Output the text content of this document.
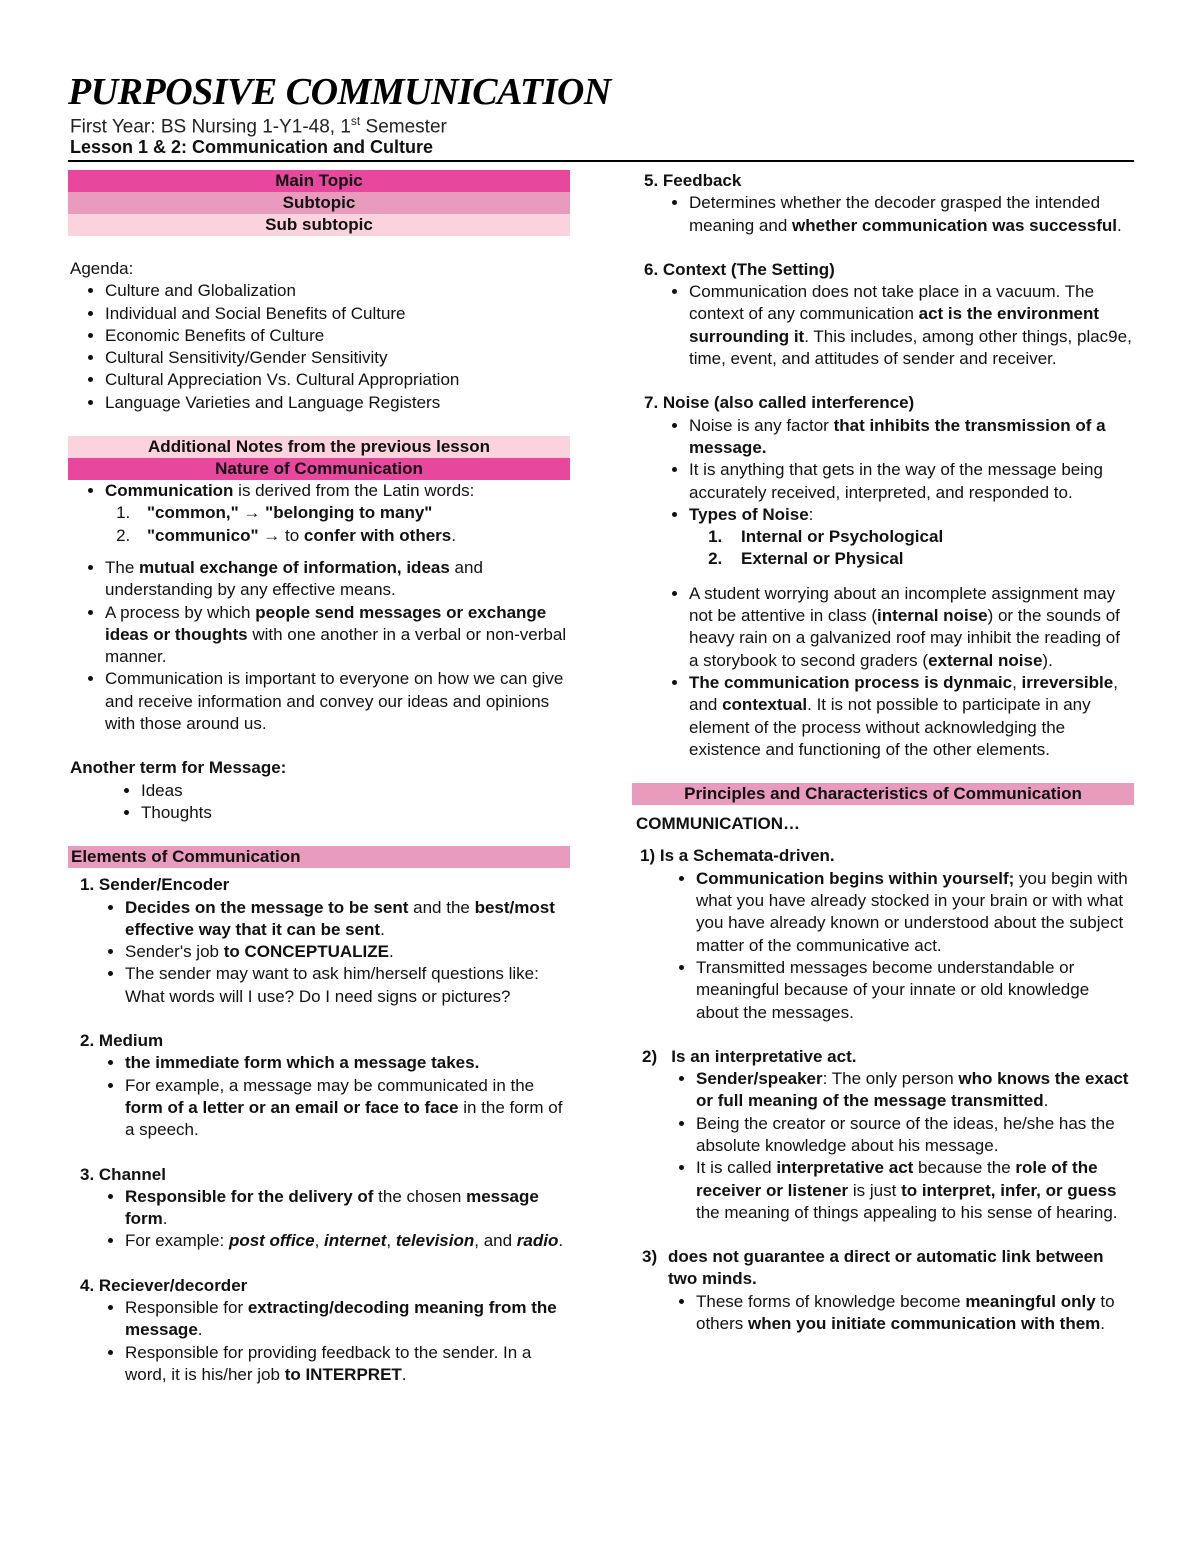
PURPOSIVE COMMUNICATION
First Year: BS Nursing 1-Y1-48, 1st Semester
Lesson 1 & 2: Communication and Culture
Main Topic
Subtopic
Sub subtopic
Agenda:
• Culture and Globalization
• Individual and Social Benefits of Culture
• Economic Benefits of Culture
• Cultural Sensitivity/Gender Sensitivity
• Cultural Appreciation Vs. Cultural Appropriation
• Language Varieties and Language Registers
Additional Notes from the previous lesson
Nature of Communication
• Communication is derived from the Latin words:
1. "common," → "belonging to many"
2. "communico" → to confer with others.
• The mutual exchange of information, ideas and understanding by any effective means.
• A process by which people send messages or exchange ideas or thoughts with one another in a verbal or non-verbal manner.
• Communication is important to everyone on how we can give and receive information and convey our ideas and opinions with those around us.
Another term for Message:
• Ideas
• Thoughts
Elements of Communication
1. Sender/Encoder
• Decides on the message to be sent and the best/most effective way that it can be sent.
• Sender's job to CONCEPTUALIZE.
• The sender may want to ask him/herself questions like: What words will I use? Do I need signs or pictures?
2. Medium
• the immediate form which a message takes.
• For example, a message may be communicated in the form of a letter or an email or face to face in the form of a speech.
3. Channel
• Responsible for the delivery of the chosen message form.
• For example: post office, internet, television, and radio.
4. Reciever/decorder
• Responsible for extracting/decoding meaning from the message.
• Responsible for providing feedback to the sender. In a word, it is his/her job to INTERPRET.
5. Feedback
• Determines whether the decoder grasped the intended meaning and whether communication was successful.
6. Context (The Setting)
• Communication does not take place in a vacuum. The context of any communication act is the environment surrounding it. This includes, among other things, plac9e, time, event, and attitudes of sender and receiver.
7. Noise (also called interference)
• Noise is any factor that inhibits the transmission of a message.
• It is anything that gets in the way of the message being accurately received, interpreted, and responded to.
• Types of Noise:
1. Internal or Psychological
2. External or Physical
• A student worrying about an incomplete assignment may not be attentive in class (internal noise) or the sounds of heavy rain on a galvanized roof may inhibit the reading of a storybook to second graders (external noise).
• The communication process is dynmaic, irreversible, and contextual. It is not possible to participate in any element of the process without acknowledging the existence and functioning of the other elements.
Principles and Characteristics of Communication
COMMUNICATION…
1) Is a Schemata-driven.
• Communication begins within yourself; you begin with what you have already stocked in your brain or with what you have already known or understood about the subject matter of the communicative act.
• Transmitted messages become understandable or meaningful because of your innate or old knowledge about the messages.
2) Is an interpretative act.
• Sender/speaker: The only person who knows the exact or full meaning of the message transmitted.
• Being the creator or source of the ideas, he/she has the absolute knowledge about his message.
• It is called interpretative act because the role of the receiver or listener is just to interpret, infer, or guess the meaning of things appealing to his sense of hearing.
3) does not guarantee a direct or automatic link between two minds.
• These forms of knowledge become meaningful only to others when you initiate communication with them.
